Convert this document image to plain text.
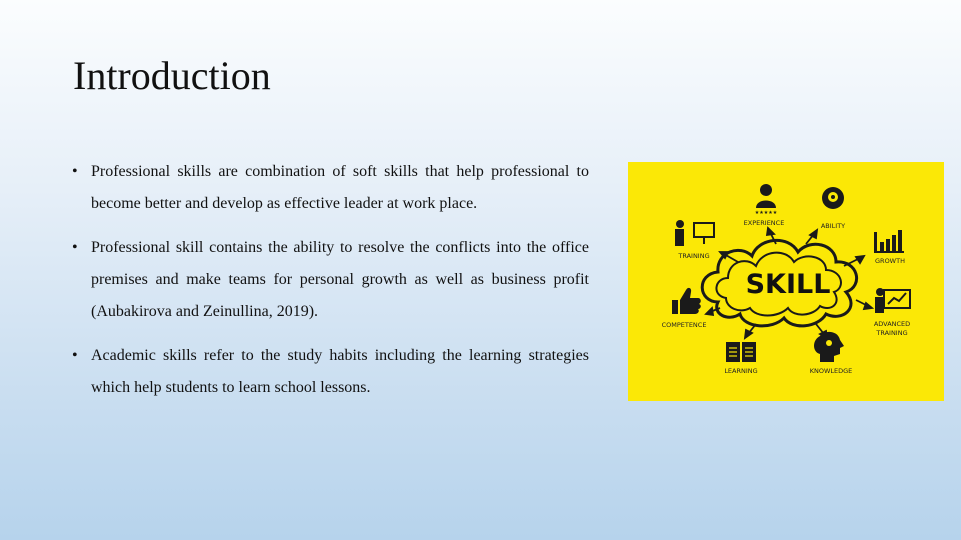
Introduction
• Professional skills are combination of soft skills that help professional to become better and develop as effective leader at work place.
• Professional skill contains the ability to resolve the conflicts into the office premises and make teams for personal growth as well as business profit (Aubakirova and Zeinullina, 2019).
• Academic skills refer to the study habits including the learning strategies which help students to learn school lessons.
SKILL
★★★★★
EXPERIENCE	ABILITY
TRAINING
GROWTH
COMPETENCE	ADVANCED
TRAINING
LEARNING	KNOWLEDGE
